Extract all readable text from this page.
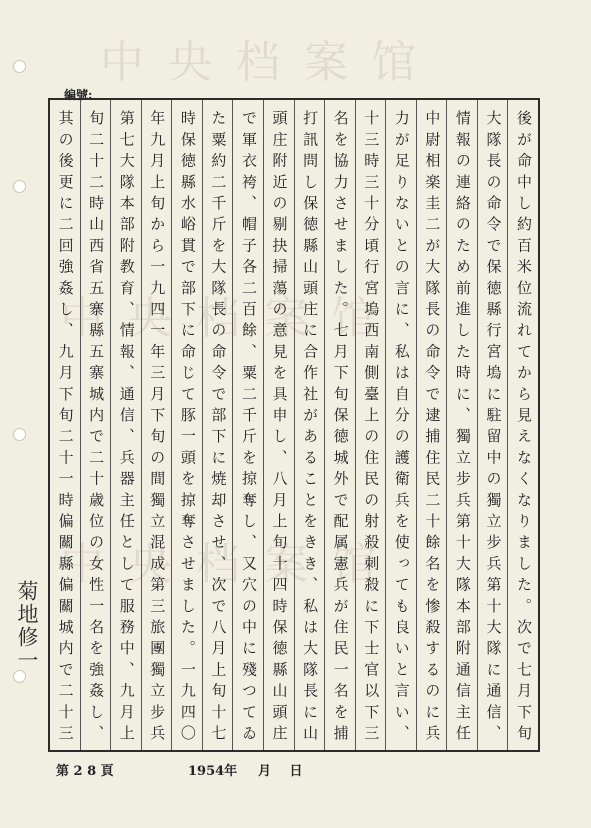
中央档案馆
中央档案馆
中央档案馆
編號:
後が命中し約百米位流れてから見えなくなりました。次で七月下旬
大隊長の命令で保徳縣行宮塢に駐留中の獨立步兵第十大隊に通信、
情報の連絡のため前進した時に、獨立步兵第十大隊本部附通信主任
中尉相楽圭二が大隊長の命令で逮捕住民二十餘名を惨殺するのに兵
力が足りないとの言に、私は自分の護衛兵を使っても良いと言い、
十三時三十分頃行宮塢西南側臺上の住民の射殺刺殺に下士官以下三
名を協力させました。七月下旬保徳城外で配属憲兵が住民一名を捕
打訊問し保徳縣山頭庄に合作社があることをきき、私は大隊長に山
頭庄附近の剔抉掃蕩の意見を具申し、八月上旬十四時保徳縣山頭庄
で軍衣袴、帽子各二百餘、粟二千斤を掠奪し、又穴の中に殘つてゐ
た粟約二千斤を大隊長の命令で部下に焼却させ、次で八月上旬十七
時保徳縣水峪貫で部下に命じて豚一頭を掠奪させました。一九四〇
年九月上旬から一九四一年三月下旬の間獨立混成第三旅團獨立步兵
第七大隊本部附教育、情報、通信、兵器主任として服務中、九月上
旬二十二時山西省五寨縣五寨城内で二十歳位の女性一名を強姦し、
其の後更に二回強姦し、九月下旬二十一時偏關縣偏關城内で二十三
菊地修一
第 2 8 頁	1954年 月 日
